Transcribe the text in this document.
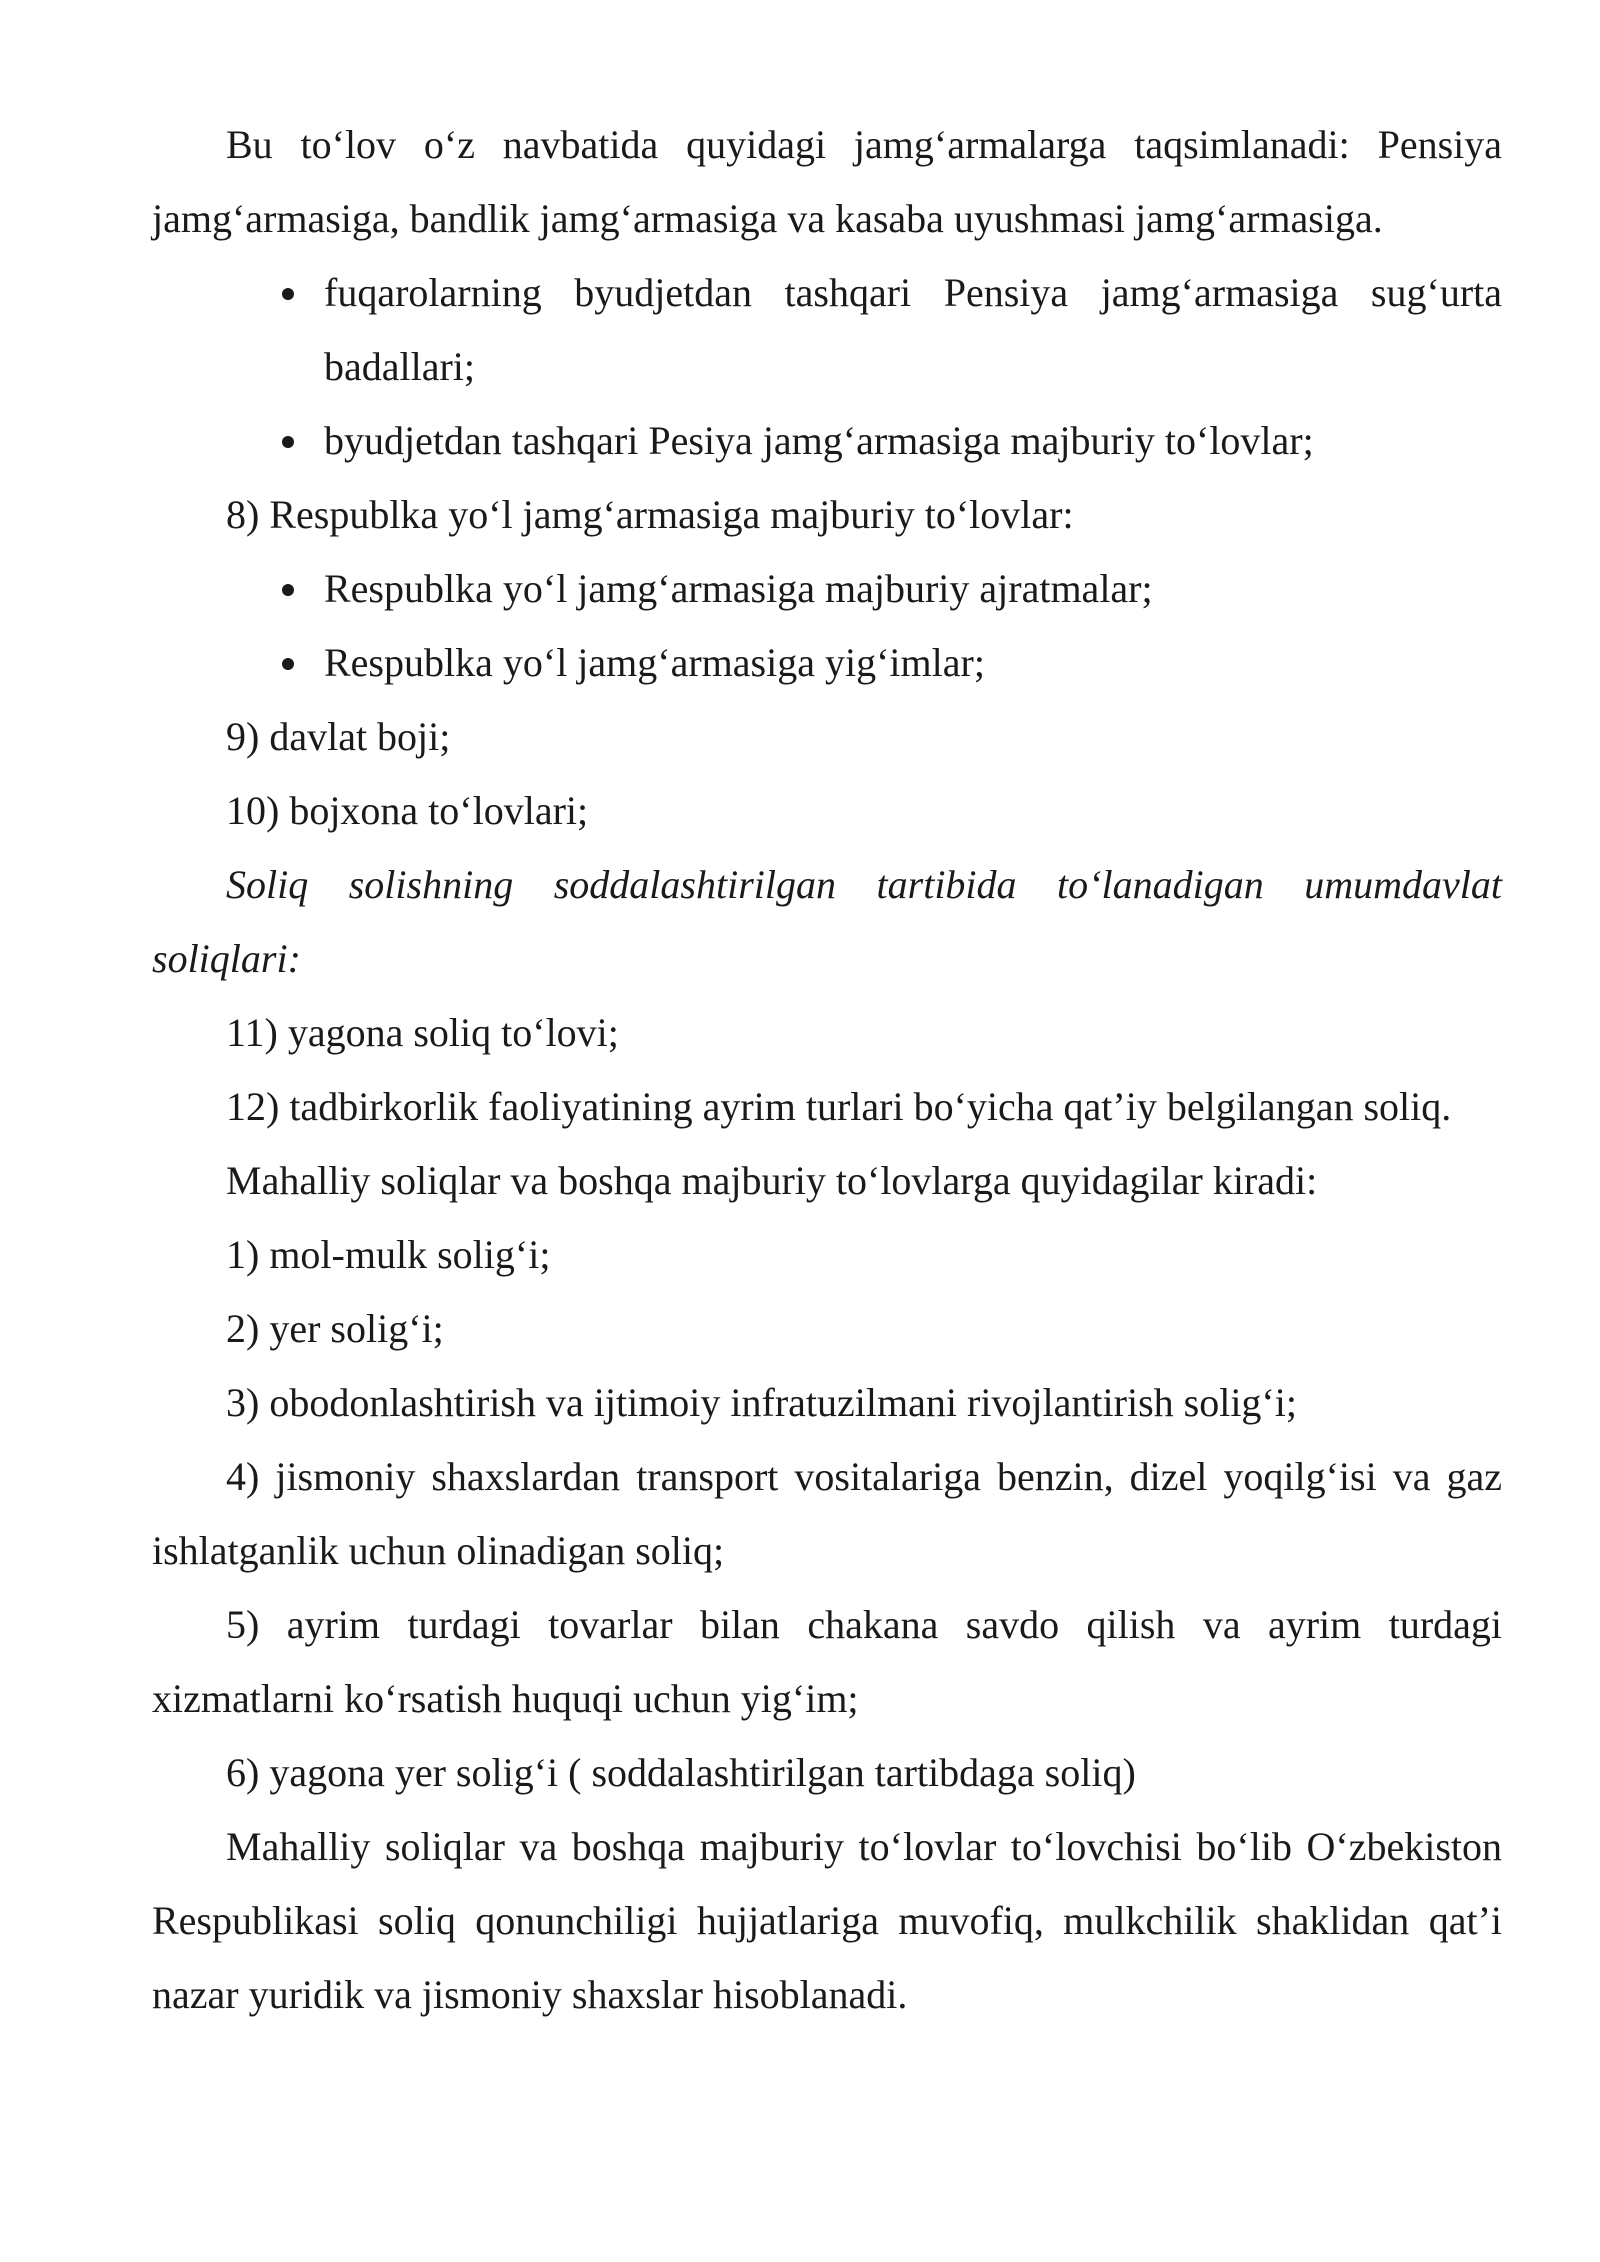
Bu to‘lov o‘z navbatida quyidagi jamg‘armalarga taqsimlanadi: Pensiya jamg‘armasiga, bandlik jamg‘armasiga va kasaba uyushmasi jamg‘armasiga.

fuqarolarning byudjetdan tashqari Pensiya jamg‘armasiga sug‘urta badallari;
byudjetdan tashqari Pesiya jamg‘armasiga majburiy to‘lovlar;

8) Respublka yo‘l jamg‘armasiga majburiy to‘lovlar:

Respublka yo‘l jamg‘armasiga majburiy ajratmalar;
Respublka yo‘l jamg‘armasiga yig‘imlar;

9) davlat boji;

10) bojxona to‘lovlari;

Soliq solishning soddalashtirilgan tartibida to‘lanadigan umumdavlat soliqlari:

11) yagona soliq to‘lovi;

12) tadbirkorlik faoliyatining ayrim turlari bo‘yicha qat’iy belgilangan soliq.

Mahalliy soliqlar va boshqa majburiy to‘lovlarga quyidagilar kiradi:

1) mol-mulk solig‘i;

2) yer solig‘i;

3) obodonlashtirish va ijtimoiy infratuzilmani rivojlantirish solig‘i;

4) jismoniy shaxslardan transport vositalariga benzin, dizel yoqilg‘isi va gaz ishlatganlik uchun olinadigan soliq;

5) ayrim turdagi tovarlar bilan chakana savdo qilish va ayrim turdagi xizmatlarni ko‘rsatish huquqi uchun yig‘im;

6) yagona yer solig‘i ( soddalashtirilgan tartibdaga soliq)

Mahalliy soliqlar va boshqa majburiy to‘lovlar to‘lovchisi bo‘lib O‘zbekiston Respublikasi soliq qonunchiligi hujjatlariga muvofiq, mulkchilik shaklidan qat’i nazar yuridik va jismoniy shaxslar hisoblanadi.
